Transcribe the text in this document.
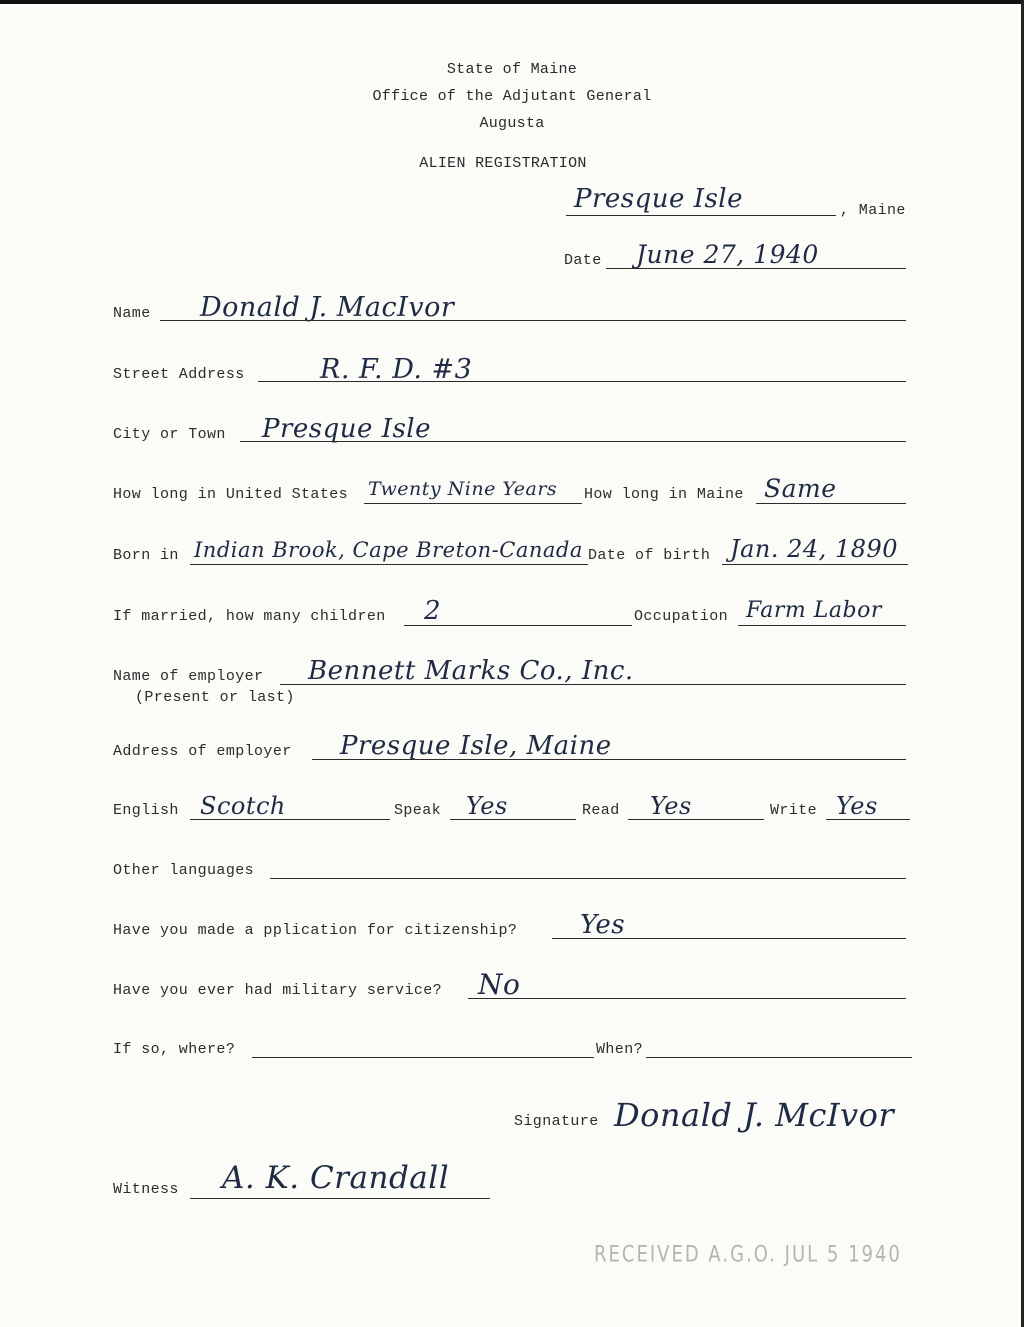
State of Maine
Office of the Adjutant General
Augusta
ALIEN REGISTRATION
Presque Isle	, Maine
Date June 27, 1940
Name Donald J. MacIvor
Street Address	R. F. D. #3
City or Town Presque Isle
How long in United States Twenty Nine Years How long in Maine Same
Born in Indian Brook, Cape Breton-Canada Date of birth Jan. 24, 1890
If married, how many children 2	Occupation Farm Labor
Name of employer
(Present or last)
Bennett Marks Co., Inc.
Address of employer Presque Isle, Maine
English Scotch	Speak Yes	Read Yes	Write Yes
Other languages
Have you made a pplication for citizenship? Yes
Have you ever had military service? No
If so, where?	When?
Signature Donald J. McIvor
Witness A. K. Crandall
RECEIVED A.G.O. JUL 5 1940
